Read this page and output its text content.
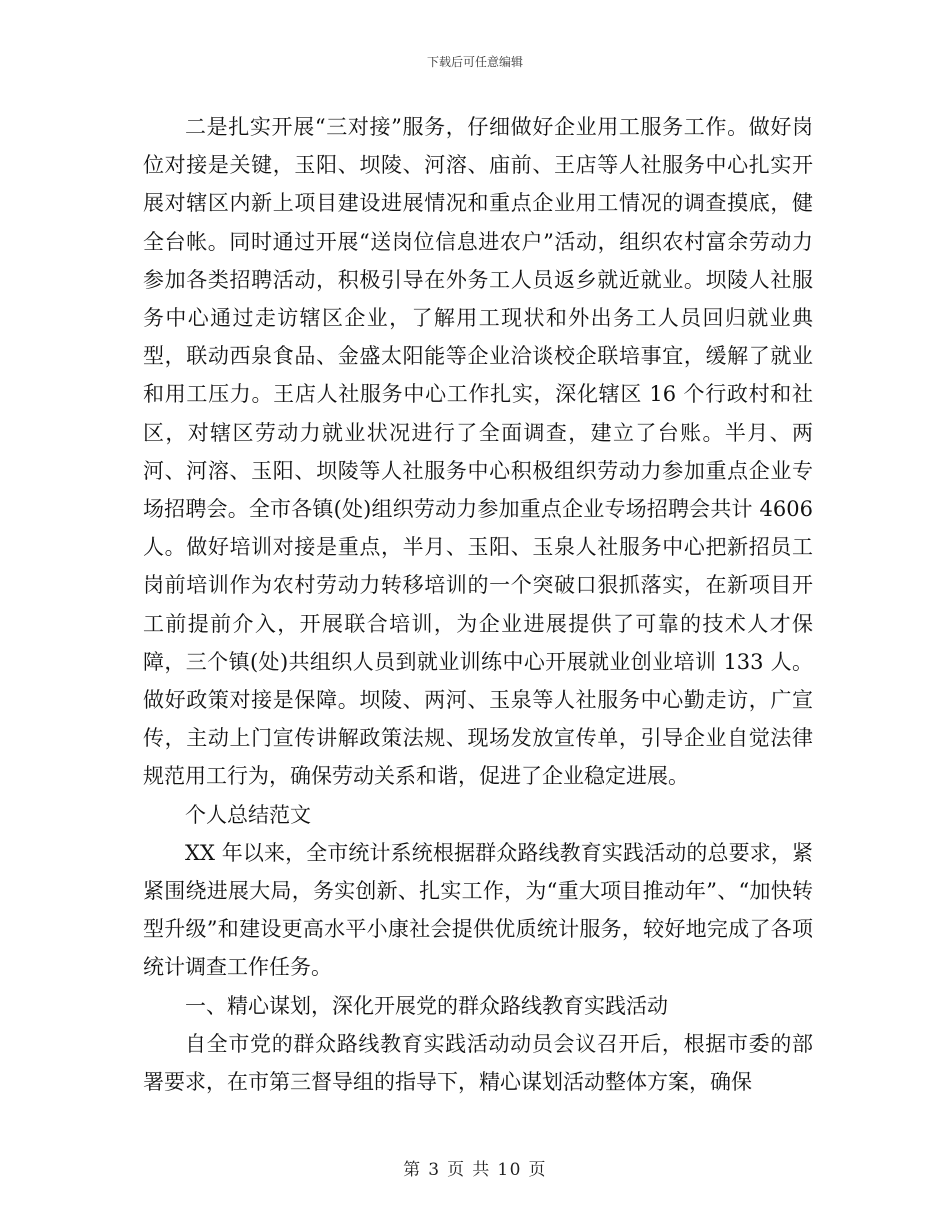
下载后可任意编辑

二是扎实开展“三对接”服务，仔细做好企业用工服务工作。做好岗位对接是关键，玉阳、坝陵、河溶、庙前、王店等人社服务中心扎实开展对辖区内新上项目建设进展情况和重点企业用工情况的调查摸底，健全台帐。同时通过开展“送岗位信息进农户”活动，组织农村富余劳动力参加各类招聘活动，积极引导在外务工人员返乡就近就业。坝陵人社服务中心通过走访辖区企业，了解用工现状和外出务工人员回归就业典型，联动西泉食品、金盛太阳能等企业洽谈校企联培事宜，缓解了就业和用工压力。王店人社服务中心工作扎实，深化辖区 16 个行政村和社区，对辖区劳动力就业状况进行了全面调查，建立了台账。半月、两河、河溶、玉阳、坝陵等人社服务中心积极组织劳动力参加重点企业专场招聘会。全市各镇(处)组织劳动力参加重点企业专场招聘会共计 4606 人。做好培训对接是重点，半月、玉阳、玉泉人社服务中心把新招员工岗前培训作为农村劳动力转移培训的一个突破口狠抓落实，在新项目开工前提前介入，开展联合培训，为企业进展提供了可靠的技术人才保障，三个镇(处)共组织人员到就业训练中心开展就业创业培训 133 人。做好政策对接是保障。坝陵、两河、玉泉等人社服务中心勤走访，广宣传，主动上门宣传讲解政策法规、现场发放宣传单，引导企业自觉法律规范用工行为，确保劳动关系和谐，促进了企业稳定进展。

个人总结范文

XX 年以来，全市统计系统根据群众路线教育实践活动的总要求，紧紧围绕进展大局，务实创新、扎实工作，为“重大项目推动年”、“加快转型升级”和建设更高水平小康社会提供优质统计服务，较好地完成了各项统计调查工作任务。

一、精心谋划，深化开展党的群众路线教育实践活动

自全市党的群众路线教育实践活动动员会议召开后，根据市委的部署要求，在市第三督导组的指导下，精心谋划活动整体方案，确保

第 3 页 共 10 页
